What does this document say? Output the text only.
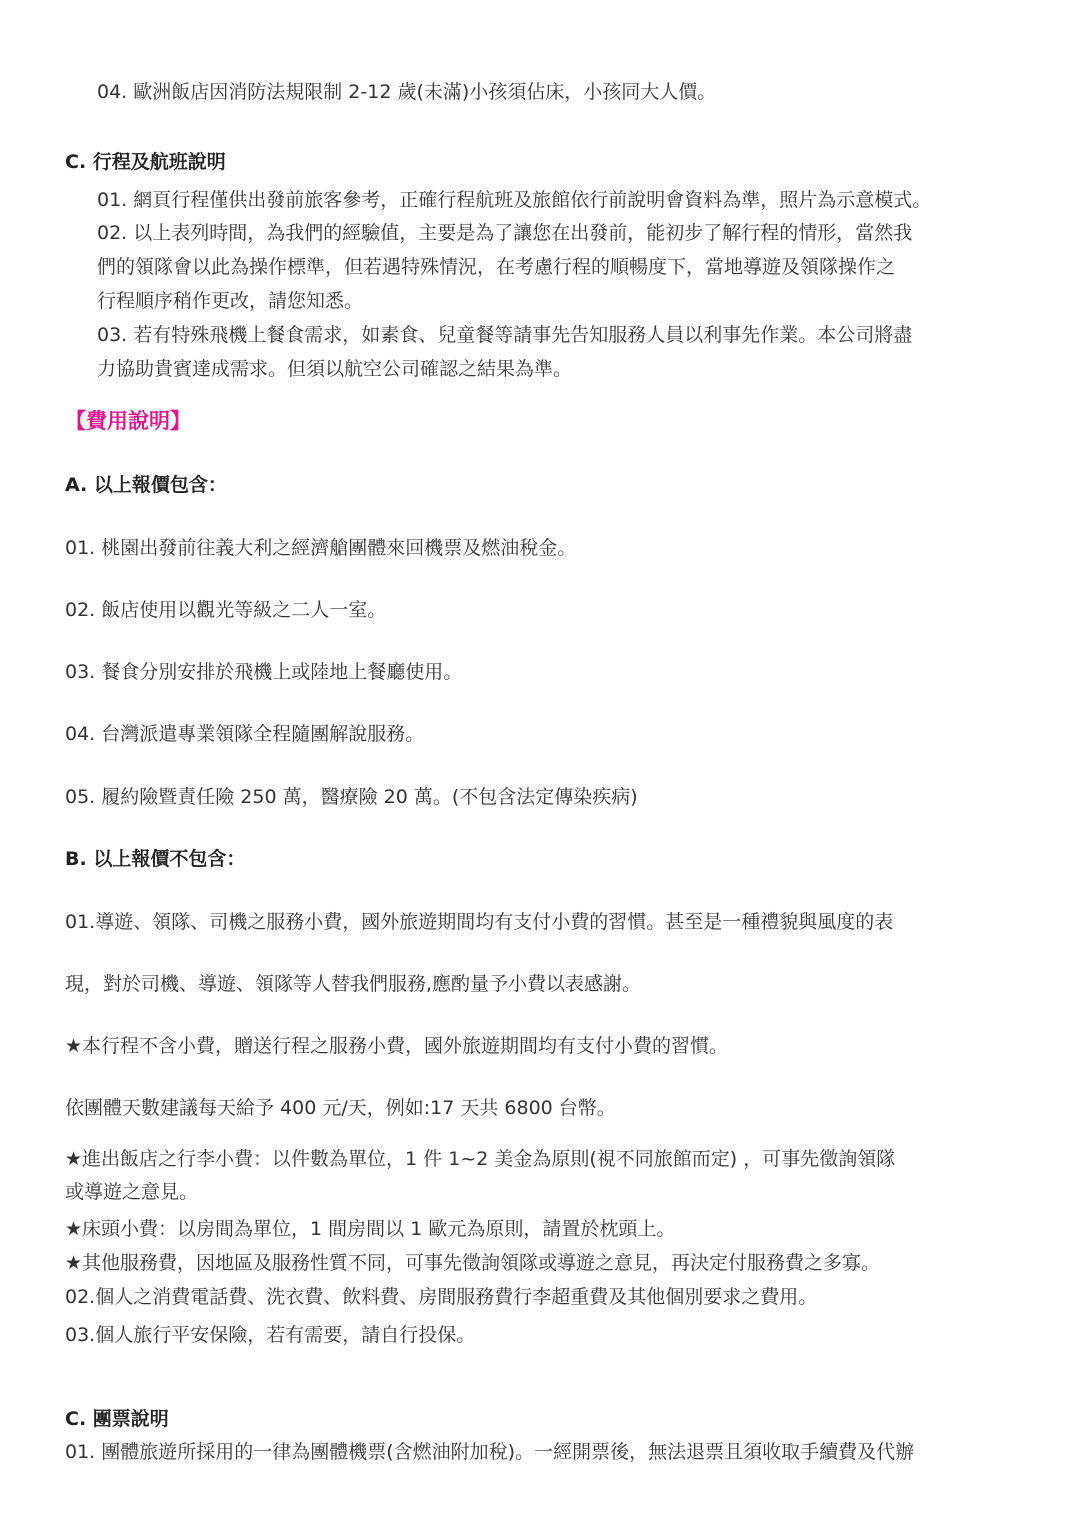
04. 歐洲飯店因消防法規限制 2-12 歲(未滿)小孩須佔床，小孩同大人價。

C. 行程及航班說明

01. 網頁行程僅供出發前旅客參考，正確行程航班及旅館依行前說明會資料為準，照片為示意模式。

02. 以上表列時間，為我們的經驗值，主要是為了讓您在出發前，能初步了解行程的情形，當然我

們的領隊會以此為操作標準，但若遇特殊情況，在考慮行程的順暢度下，當地導遊及領隊操作之

行程順序稍作更改，請您知悉。

03. 若有特殊飛機上餐食需求，如素食、兒童餐等請事先告知服務人員以利事先作業。本公司將盡

力協助貴賓達成需求。但須以航空公司確認之結果為準。

【費用說明】

A. 以上報價包含：

01. 桃園出發前往義大利之經濟艙團體來回機票及燃油稅金。

02. 飯店使用以觀光等級之二人一室。

03. 餐食分別安排於飛機上或陸地上餐廳使用。

04. 台灣派遣專業領隊全程隨團解說服務。

05. 履約險暨責任險 250 萬，醫療險 20 萬。(不包含法定傳染疾病)

B. 以上報價不包含：

01.導遊、領隊、司機之服務小費，國外旅遊期間均有支付小費的習慣。甚至是一種禮貌與風度的表

現，對於司機、導遊、領隊等人替我們服務,應酌量予小費以表感謝。

★本行程不含小費，贈送行程之服務小費，國外旅遊期間均有支付小費的習慣。

依團體天數建議每天給予 400 元/天，例如:17 天共 6800 台幣。

★進出飯店之行李小費：以件數為單位，1 件 1~2 美金為原則(視不同旅館而定) ，可事先徵詢領隊

或導遊之意見。

★床頭小費：以房間為單位，1 間房間以 1 歐元為原則，請置於枕頭上。

★其他服務費，因地區及服務性質不同，可事先徵詢領隊或導遊之意見，再決定付服務費之多寡。

02.個人之消費電話費、洗衣費、飲料費、房間服務費行李超重費及其他個別要求之費用。

03.個人旅行平安保險，若有需要，請自行投保。

C. 團票說明

01. 團體旅遊所採用的一律為團體機票(含燃油附加稅)。一經開票後，無法退票且須收取手續費及代辦
